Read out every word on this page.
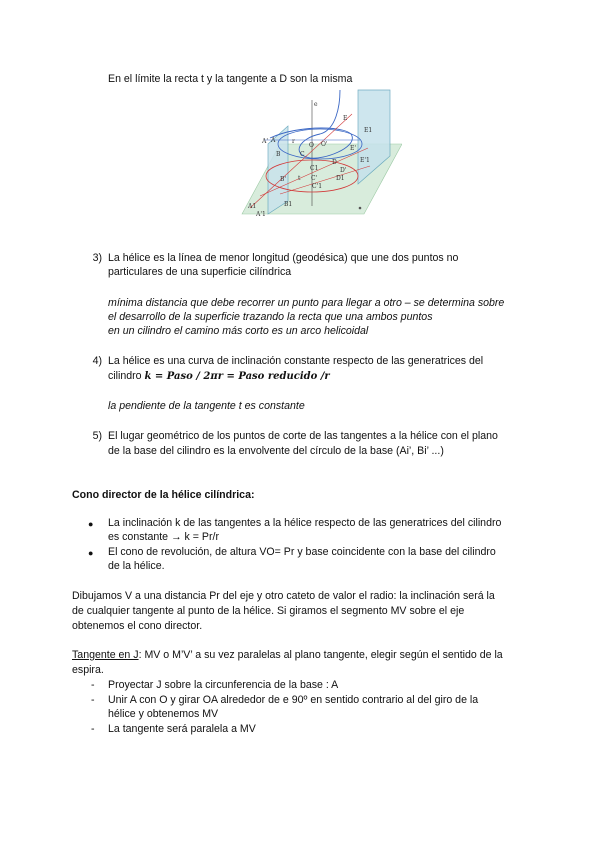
En el límite la recta t y la tangente a D son la misma
e
A' A
O O'
E
E'
E'1
E1
B
B1
B'
C
C1
C'
C'1
D
D'
D1
A1
A'1
t
r
3) La hélice es la línea de menor longitud (geodésica) que une dos puntos no
particulares de una superficie cilíndrica
mínima distancia que debe recorrer un punto para llegar a otro – se determina sobre
el desarrollo de la superficie trazando la recta que una ambos puntos
en un cilindro el camino más corto es un arco helicoidal
4) La hélice es una curva de inclinación constante respecto de las generatrices del
cilindro k = Paso / 2πr = Paso reducido /r
la pendiente de la tangente t es constante
5) El lugar geométrico de los puntos de corte de las tangentes a la hélice con el plano
de la base del cilindro es la envolvente del círculo de la base (Ai’, Bi’ ...)
Cono director de la hélice cilíndrica:
● La inclinación k de las tangentes a la hélice respecto de las generatrices del cilindro
es constante → k = Pr/r
● El cono de revolución, de altura VO= Pr y base coincidente con la base del cilindro
de la hélice.
Dibujamos V a una distancia Pr del eje y otro cateto de valor el radio: la inclinación será la
de cualquier tangente al punto de la hélice. Si giramos el segmento MV sobre el eje
obtenemos el cono director.
Tangente en J: MV o M’V’ a su vez paralelas al plano tangente, elegir según el sentido de la
espira.
- Proyectar J sobre la circunferencia de la base : A
- Unir A con O y girar OA alrededor de e 90º en sentido contrario al del giro de la
hélice y obtenemos MV
- La tangente será paralela a MV
